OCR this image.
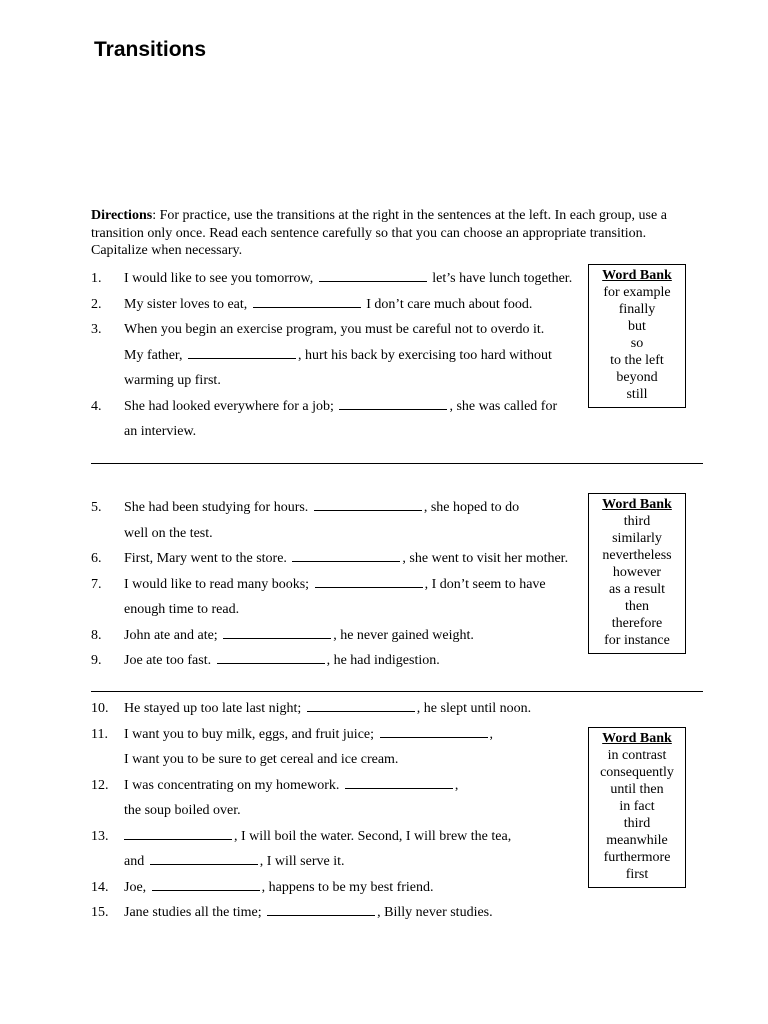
Transitions
Directions: For practice, use the transitions at the right in the sentences at the left. In each group, use a transition only once. Read each sentence carefully so that you can choose an appropriate transition. Capitalize when necessary.
1.	I would like to see you tomorrow,	let’s have lunch together.
2.	My sister loves to eat,	I don’t care much about food.
3.	When you begin an exercise program, you must be careful not to overdo it.
My father,	, hurt his back by exercising too hard without
warming up first.
4.	She had looked everywhere for a job;	, she was called for
an interview.
Word Bank
for example
finally
but
so
to the left
beyond
still
5.	She had been studying for hours.	, she hoped to do
well on the test.
6.	First, Mary went to the store.	, she went to visit her mother.
7.	I would like to read many books;	, I don’t seem to have
enough time to read.
8.	John ate and ate;	, he never gained weight.
9.	Joe ate too fast.	, he had indigestion.
Word Bank
third
similarly
nevertheless
however
as a result
then
therefore
for instance
10.	He stayed up too late last night;	, he slept until noon.
11.	I want you to buy milk, eggs, and fruit juice;	,
I want you to be sure to get cereal and ice cream.
12.	I was concentrating on my homework.	,
the soup boiled over.
13.	, I will boil the water. Second, I will brew the tea,
and	, I will serve it.
14.	Joe,	, happens to be my best friend.
15.	Jane studies all the time;	, Billy never studies.
Word Bank
in contrast
consequently
until then
in fact
third
meanwhile
furthermore
first
